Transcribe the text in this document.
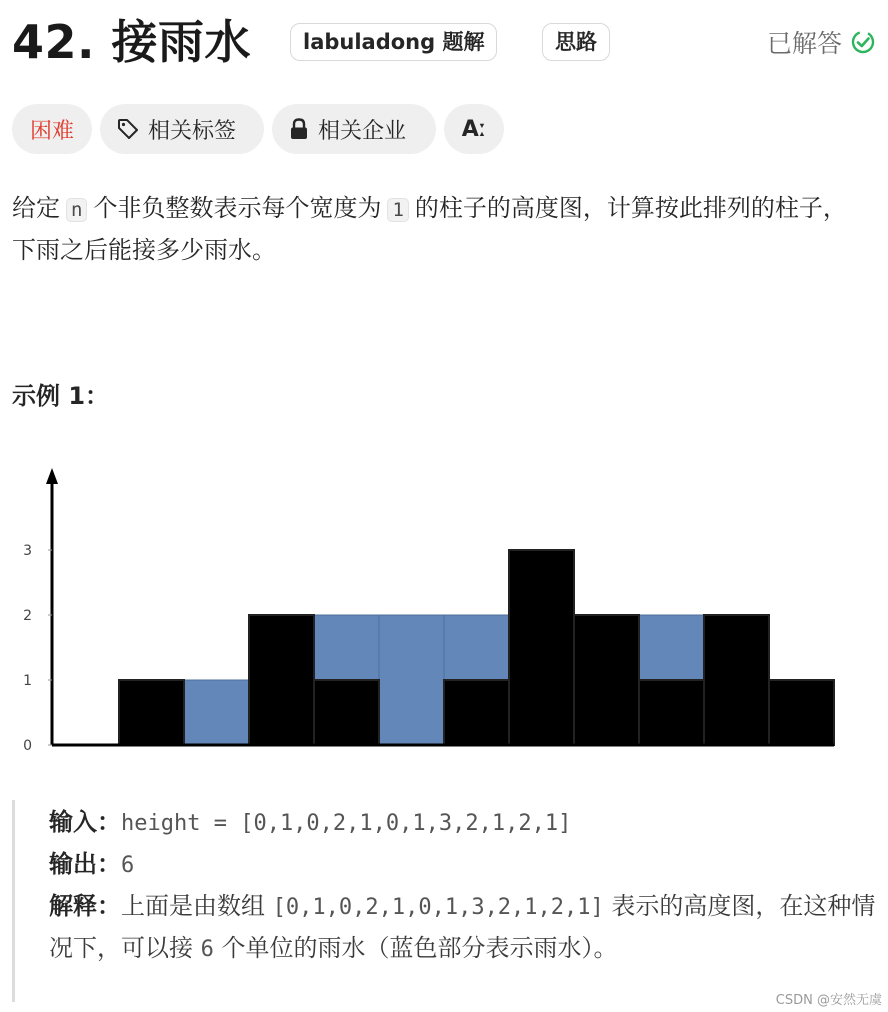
42. 接雨水	labuladong 题解	思路	已解答
困难	相关标签	相关企业	Aː
给定 n 个非负整数表示每个宽度为 1 的柱子的高度图，计算按此排列的柱子，下雨之后能接多少雨水。
示例 1：
0
1
2
3
输入：height = [0,1,0,2,1,0,1,3,2,1,2,1]
输出：6
解释：上面是由数组 [0,1,0,2,1,0,1,3,2,1,2,1] 表示的高度图，在这种情况下，可以接 6 个单位的雨水（蓝色部分表示雨水）。
CSDN @安然无虞
